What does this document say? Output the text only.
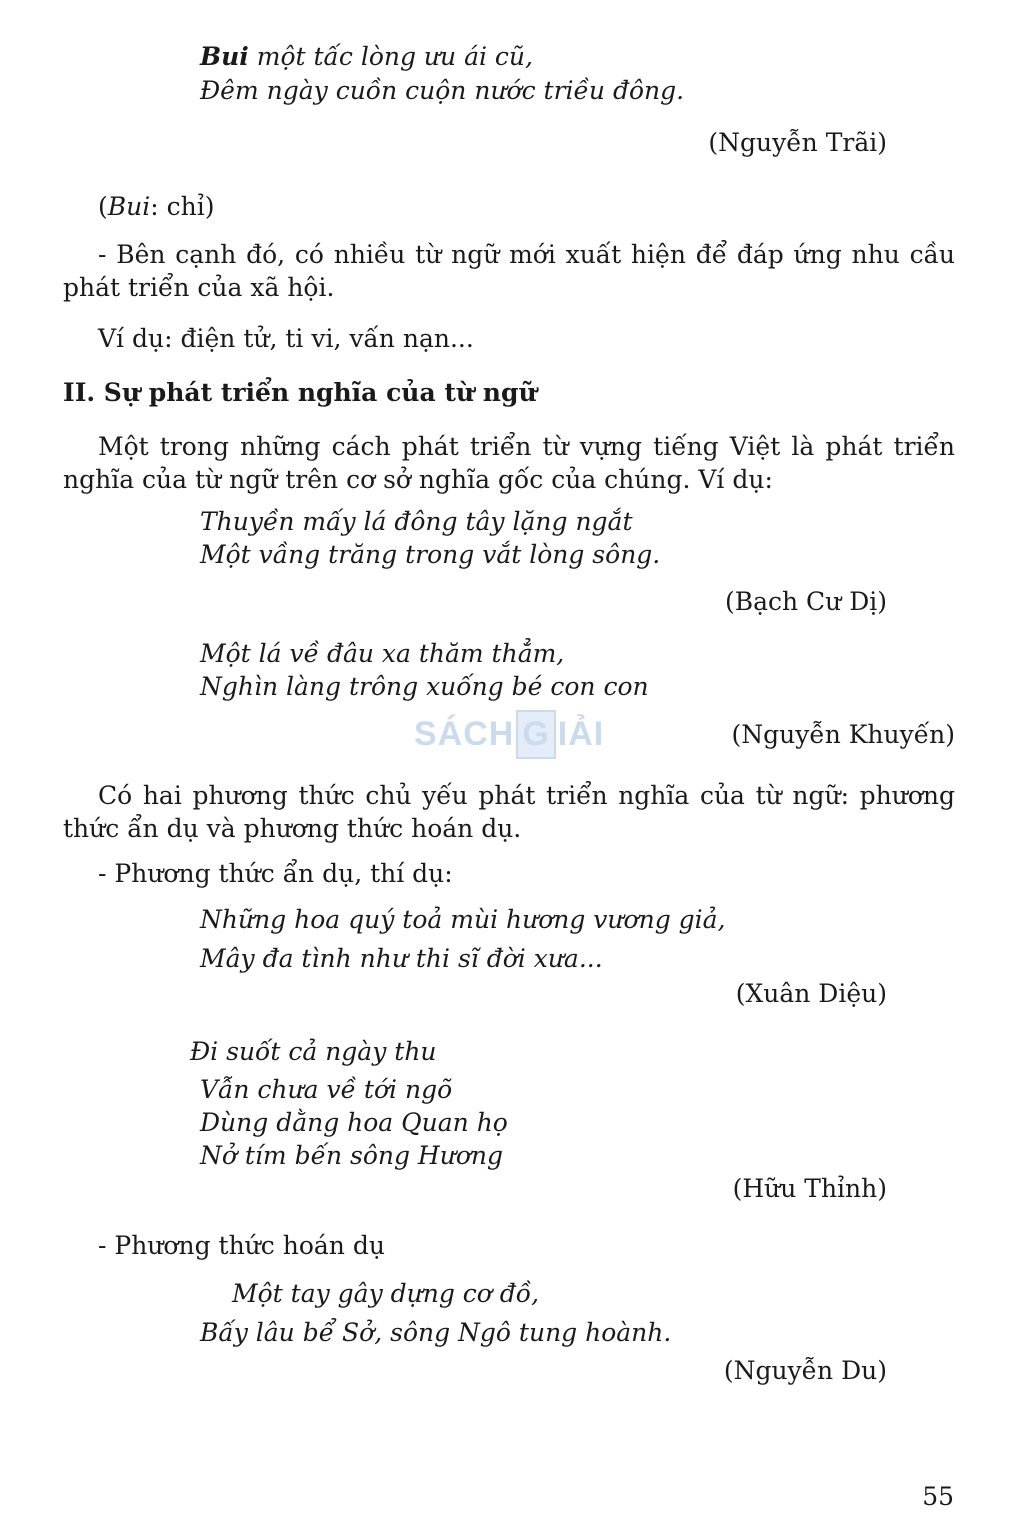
Bui một tấc lòng ưu ái cũ,

Đêm ngày cuồn cuộn nước triều đông.

(Nguyễn Trãi)

(Bui: chỉ)

- Bên cạnh đó, có nhiều từ ngữ mới xuất hiện để đáp ứng nhu cầu phát triển của xã hội.

Ví dụ: điện tử, ti vi, vấn nạn...

II. Sự phát triển nghĩa của từ ngữ

Một trong những cách phát triển từ vựng tiếng Việt là phát triển nghĩa của từ ngữ trên cơ sở nghĩa gốc của chúng. Ví dụ:

Thuyền mấy lá đông tây lặng ngắt

Một vầng trăng trong vắt lòng sông.

(Bạch Cư Dị)

Một lá về đâu xa thăm thẳm,

Nghìn làng trông xuống bé con con

(Nguyễn Khuyến)

SÁCH G IẢI

Có hai phương thức chủ yếu phát triển nghĩa của từ ngữ: phương thức ẩn dụ và phương thức hoán dụ.

- Phương thức ẩn dụ, thí dụ:

Những hoa quý toả mùi hương vương giả,

Mây đa tình như thi sĩ đời xưa...

(Xuân Diệu)

Đi suốt cả ngày thu

Vẫn chưa về tới ngõ

Dùng dằng hoa Quan họ

Nở tím bến sông Hương

(Hữu Thỉnh)

- Phương thức hoán dụ

Một tay gây dựng cơ đồ,

Bấy lâu bể Sở, sông Ngô tung hoành.

(Nguyễn Du)

55
